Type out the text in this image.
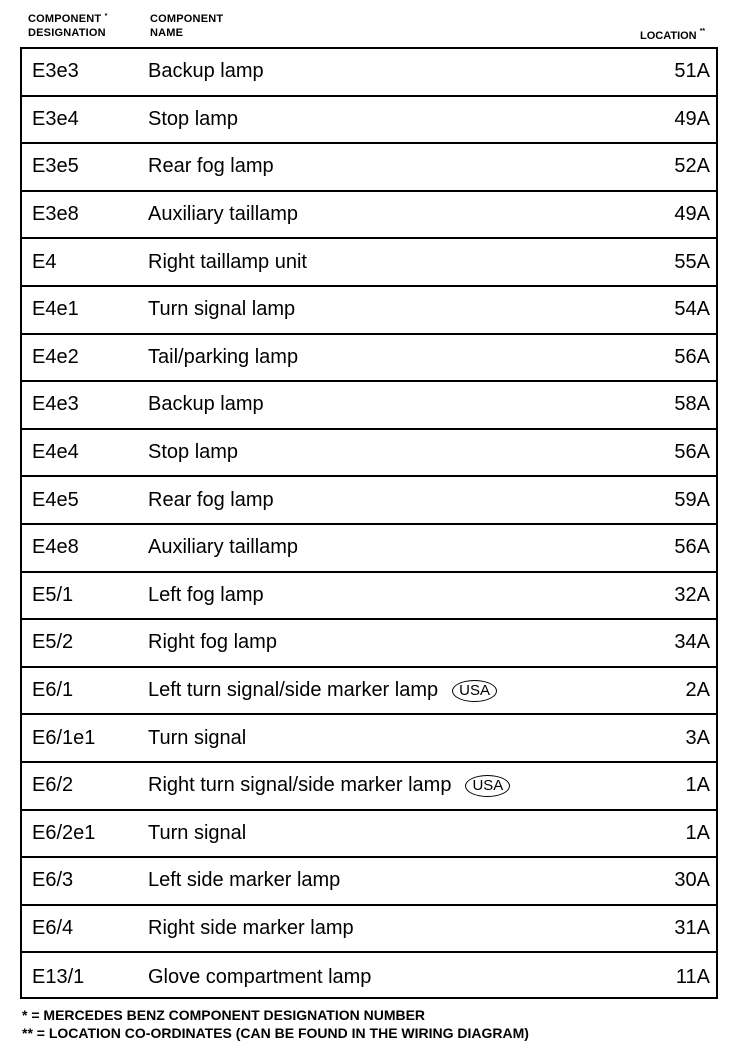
COMPONENT *
DESIGNATION
COMPONENT
NAME	LOCATION **
E3e3	Backup lamp	51A
E3e4	Stop lamp	49A
E3e5	Rear fog lamp	52A
E3e8	Auxiliary taillamp	49A
E4	Right taillamp unit	55A
E4e1	Turn signal lamp	54A
E4e2	Tail/parking lamp	56A
E4e3	Backup lamp	58A
E4e4	Stop lamp	56A
E4e5	Rear fog lamp	59A
E4e8	Auxiliary taillamp	56A
E5/1	Left fog lamp	32A
E5/2	Right fog lamp	34A
E6/1	Left turn signal/side marker lamp	USA	2A
E6/1e1	Turn signal	3A
E6/2	Right turn signal/side marker lamp	USA	1A
E6/2e1	Turn signal	1A
E6/3	Left side marker lamp	30A
E6/4	Right side marker lamp	31A
E13/1	Glove compartment lamp	11A
* = MERCEDES BENZ COMPONENT DESIGNATION NUMBER
** = LOCATION CO-ORDINATES (CAN BE FOUND IN THE WIRING DIAGRAM)
